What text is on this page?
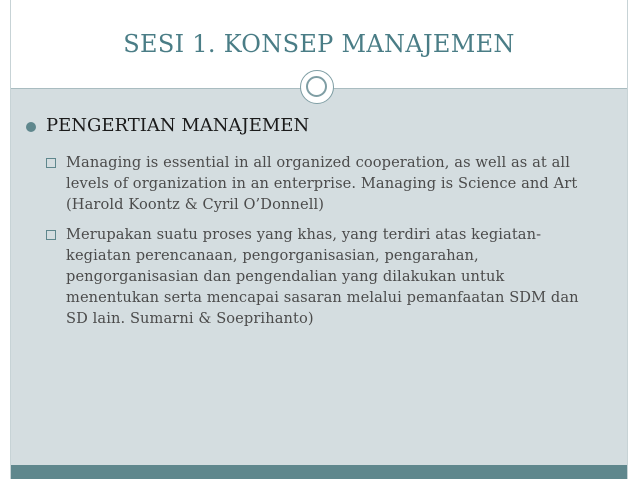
SESI 1. KONSEP MANAJEMEN
PENGERTIAN MANAJEMEN
Managing is essential in all organized cooperation, as well as at all levels of organization in an enterprise. Managing is Science and Art (Harold Koontz & Cyril O’Donnell)
Merupakan suatu proses yang khas, yang terdiri atas kegiatan-kegiatan perencanaan, pengorganisasian, pengarahan, pengorganisasian dan pengendalian yang dilakukan untuk menentukan serta mencapai sasaran melalui pemanfaatan SDM dan SD lain. Sumarni & Soeprihanto)
